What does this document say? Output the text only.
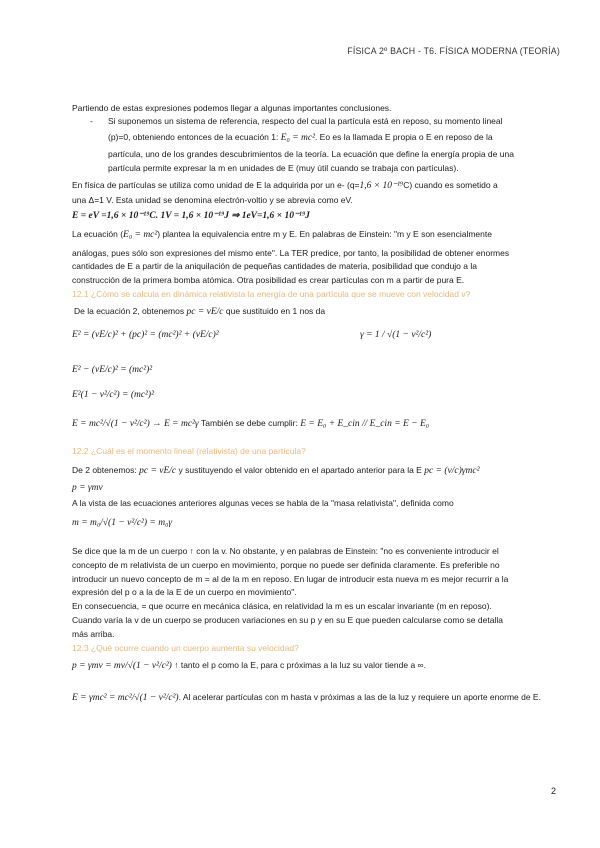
FÍSICA 2º BACH - T6. FÍSICA MODERNA (TEORÍA)
Partiendo de estas expresiones podemos llegar a algunas importantes conclusiones.
- Si suponemos un sistema de referencia, respecto del cual la partícula está en reposo, su momento lineal
(p)=0, obteniendo entonces de la ecuación 1: E₀ = mc². Eo es la llamada E propia o E en reposo de la
partícula, uno de los grandes descubrimientos de la teoría. La ecuación que define la energía propia de una
partícula permite expresar la m en unidades de E (muy útil cuando se trabaja con partículas).
En física de partículas se utiliza como unidad de E la adquirida por un e- (q=1,6 × 10⁻¹⁹C) cuando es sometido a
una Δ=1 V. Esta unidad se denomina electrón-voltio y se abrevia como eV.
E = eV =1,6 × 10⁻¹⁹C. 1V = 1,6 × 10⁻¹⁹J ⇒ 1eV=1,6 × 10⁻¹⁹J
La ecuación (E₀ = mc²) plantea la equivalencia entre m y E. En palabras de Einstein: "m y E son esencialmente
análogas, pues sólo son expresiones del mismo ente". La TER predice, por tanto, la posibilidad de obtener enormes
cantidades de E a partir de la aniquilación de pequeñas cantidades de materia, posibilidad que condujo a la
construcción de la primera bomba atómica. Otra posibilidad es crear partículas con m a partir de pura E.
12.1 ¿Cómo se calcula en dinámica relativista la energía de una partícula que se mueve con velocidad v?
De la ecuación 2, obtenemos pc = vE/c que sustituido en 1 nos da
E² = (vE/c)² + (pc)² = (mc²)² + (vE/c)²	γ = 1 / √(1 − v²/c²)
E² − (vE/c)² = (mc²)²
E²(1 − v²/c²) = (mc²)²
E = mc²/√(1 − v²/c²) → E = mc²γ También se debe cumplir: E = E₀ + E_cin // E_cin = E − E₀
12.2 ¿Cuál es el momento lineal (relativista) de una partícula?
De 2 obtenemos: pc = vE/c y sustituyendo el valor obtenido en el apartado anterior para la E pc = (v/c)γmc²
p = γmv
A la vista de las ecuaciones anteriores algunas veces se habla de la "masa relativista", definida como
m = m₀/√(1 − v²/c²) = m₀γ
Se dice que la m de un cuerpo ↑ con la v. No obstante, y en palabras de Einstein: "no es conveniente introducir el
concepto de m relativista de un cuerpo en movimiento, porque no puede ser definida claramente. Es preferible no
introducir un nuevo concepto de m = al de la m en reposo. En lugar de introducir esta nueva m es mejor recurrir a la
expresión del p o a la de la E de un cuerpo en movimiento".
En consecuencia, = que ocurre en mecánica clásica, en relatividad la m es un escalar invariante (m en reposo).
Cuando varía la v de un cuerpo se producen variaciones en su p y en su E que pueden calcularse como se detalla
más arriba.
12.3 ¿Qué ocurre cuando un cuerpo aumenta su velocidad?
p = γmv = mv/√(1 − v²/c²) ↑ tanto el p como la E, para c próximas a la luz su valor tiende a ∞.
E = γmc² = mc²/√(1 − v²/c²). Al acelerar partículas con m hasta v próximas a las de la luz y requiere un aporte enorme de E.
2
